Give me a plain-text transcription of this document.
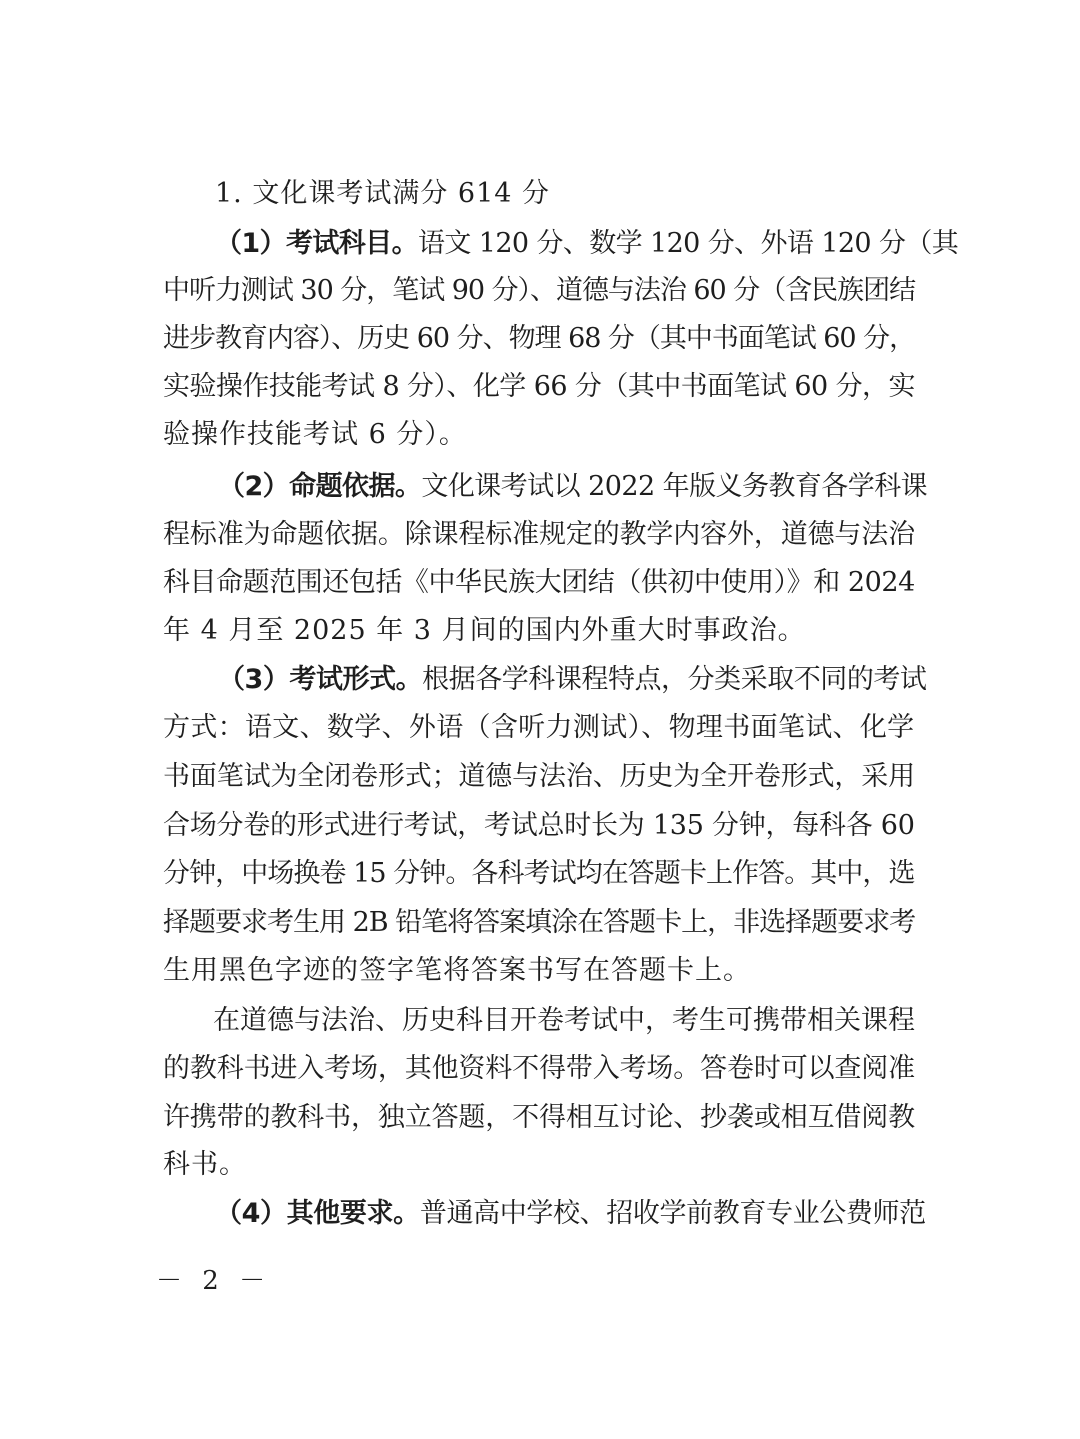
1. 文化课考试满分 614 分
（1）考试科目。 语文 120 分、数学 120 分、外语 120 分（其
中听力测试 30 分，笔试 90 分）、道德与法治 60 分（含民族团结
进步教育内容）、历史 60 分、物理 68 分（其中书面笔试 60 分，
实验操作技能考试 8 分）、化学 66 分（其中书面笔试 60 分，实
验操作技能考试 6 分）。
（2）命题依据。文化课考试以 2022 年版义务教育各学科课
程标准为命题依据。除课程标准规定的教学内容外，道德与法治
科目命题范围还包括《中华民族大团结（供初中使用）》和 2024
年 4 月至 2025 年 3 月间的国内外重大时事政治。
（3）考试形式。根据各学科课程特点，分类采取不同的考试
方式：语文、数学、外语（含听力测试）、物理书面笔试、化学
书面笔试为全闭卷形式；道德与法治、历史为全开卷形式，采用
合场分卷的形式进行考试，考试总时长为 135 分钟，每科各 60
分钟，中场换卷 15 分钟。各科考试均在答题卡上作答。其中，选
择题要求考生用 2B 铅笔将答案填涂在答题卡上，非选择题要求考
生用黑色字迹的签字笔将答案书写在答题卡上。
在道德与法治、历史科目开卷考试中，考生可携带相关课程
的教科书进入考场，其他资料不得带入考场。答卷时可以查阅准
许携带的教科书，独立答题，不得相互讨论、抄袭或相互借阅教
科书。
（4）其他要求。普通高中学校、招收学前教育专业公费师范
－ 2 －
